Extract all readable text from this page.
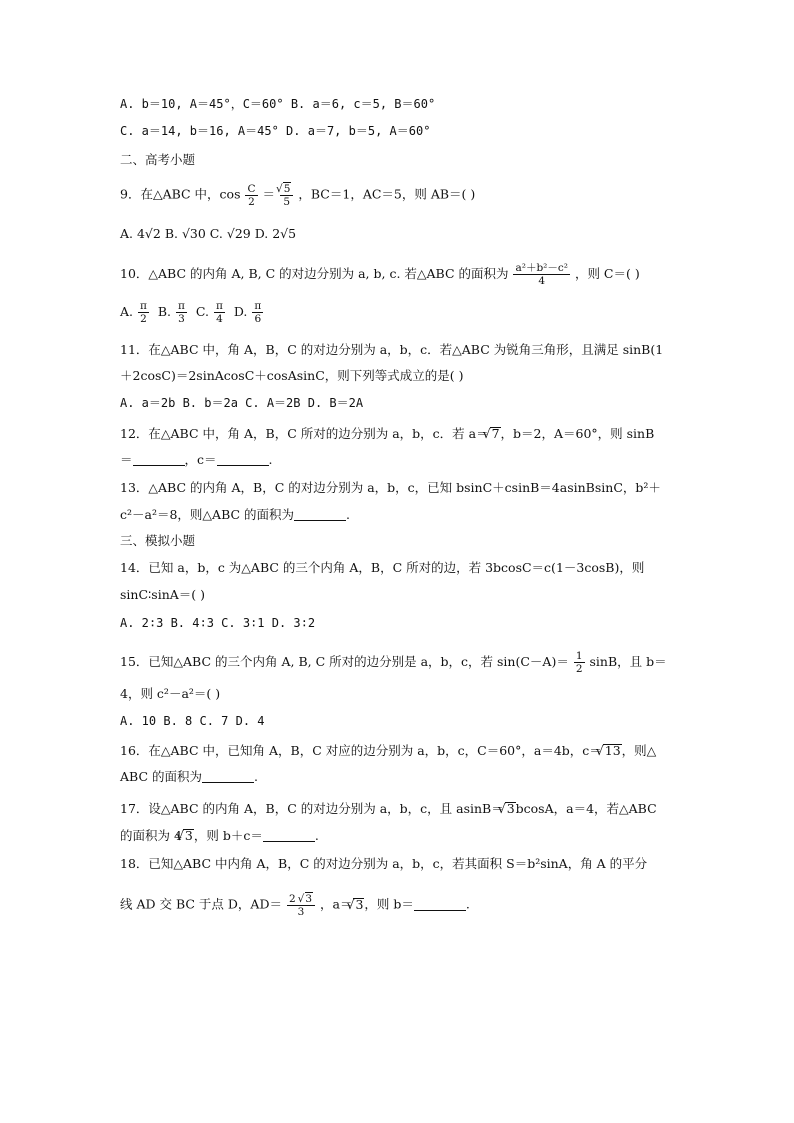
A. b＝10, A＝45°，C＝60° B. a＝6, c＝5, B＝60°
C. a＝14, b＝16, A＝45° D. a＝7, b＝5, A＝60°
二、高考小题
9．在△ABC 中，$\cos \frac{C}{2}$ ＝ √ $\frac{5}{5}$ ，BC＝1，AC＝5，则 AB＝( )
A. 4√2 B. √30 C. √29 D. 2√5
10．△ABC 的内角 A, B, C 的对边分别为 a, b, c. 若△ABC 的面积为 $\frac{\text{a²＋b²－c²}}{4}$ ，则 C＝( )
A. $\frac{\pi}{2} B$. $\frac{\pi}{3} C$. $\frac{\pi}{4} D$. $\frac{\pi}{6}$
11．在△ABC 中，角 A，B，C 的对边分别为 a，b，c．若△ABC 为锐角三角形，且满足 sinB(1
＋2cosC)＝2sinAcosC＋cosAsinC，则下列等式成立的是( )
A. a＝2b B. b＝2a C. A＝2B D. B＝2A
12．在△ABC 中，角 A，B，C 所对的边分别为 a，b，c．若 a＝ √ 7，b＝2，A＝60°，则 sinB
＝	，c＝	.
13．△ABC 的内角 A，B，C 的对边分别为 a，b，c，已知 bsinC＋csinB＝4asinBsinC，b²＋
c²－a²＝8，则△ABC 的面积为	.
三、模拟小题
14．已知 a，b，c 为△ABC 的三个内角 A，B，C 所对的边，若 3bcosC＝c(1－3cosB)，则
sinC∶sinA＝( )
A. 2∶3 B. 4∶3 C. 3∶1 D. 3∶2
15．已知△ABC 的三个内角 A, B, C 所对的边分别是 a，b，c，若 $\sin(C-A)= \frac{1}{2}$ sinB，且 b＝
4，则 c²－a²＝( )
A. 10 B. 8 C. 7 D. 4
16．在△ABC 中，已知角 A，B，C 对应的边分别为 a，b，c，C＝60°，a＝4b，c＝ √ 13，则△
ABC 的面积为	.
17．设△ABC 的内角 A，B，C 的对边分别为 a，b，c，且 asinB＝ √ 3bcosA，a＝4，若△ABC
的面积为 4 √ 3，则 b＋c＝	.
18．已知△ABC 中内角 A，B，C 的对边分别为 a，b，c，若其面积 S＝b²sinA，角 A 的平分
线 AD 交 BC 于点 D，$AD= \frac{2 √ 3}{3}$ ，a＝ √ 3，则 b＝	.
